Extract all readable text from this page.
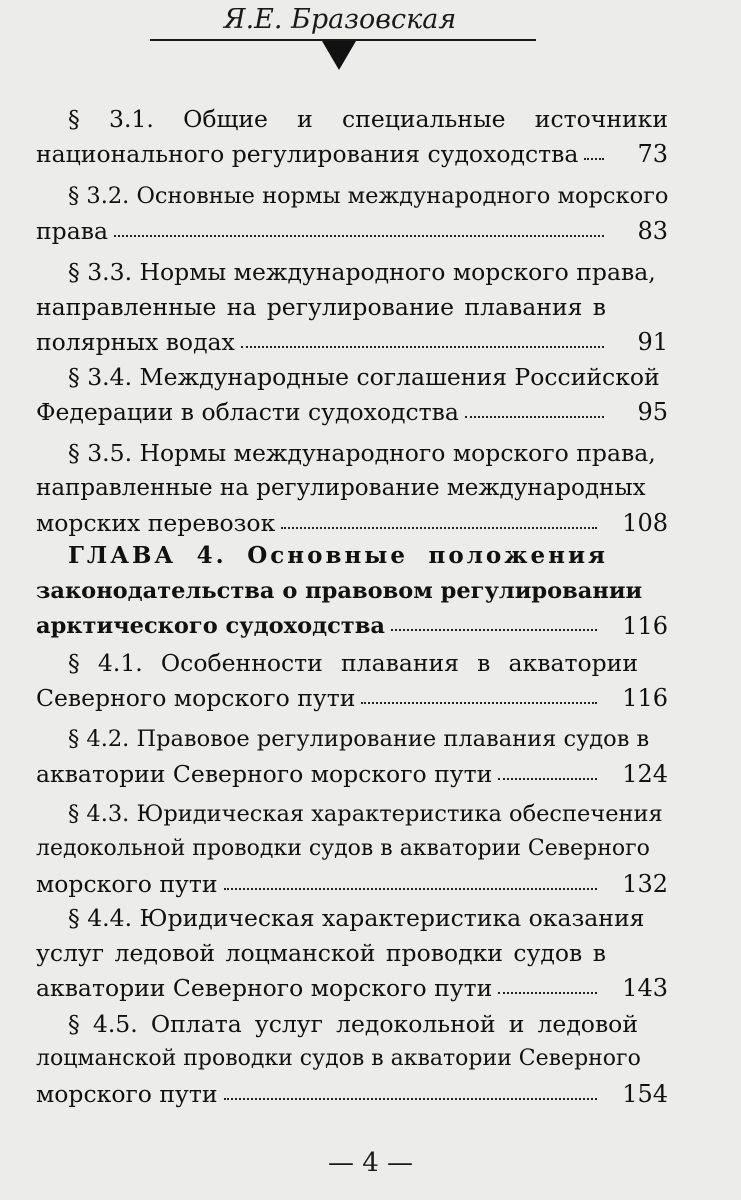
Я.Е. Бразовская
§ 3.1. Общие и специальные источники
национального регулирования судоходства 73
§ 3.2. Основные нормы международного морского
права	83
§ 3.3. Нормы международного морского права,
направленные на регулирование плавания в
полярных водах	91
§ 3.4. Международные соглашения Российской
Федерации в области судоходства	95
§ 3.5. Нормы международного морского права,
направленные на регулирование международных
морских перевозок	108
ГЛАВА 4. Основные положения
законодательства о правовом регулировании
арктического судоходства	116
§ 4.1. Особенности плавания в акватории
Северного морского пути	116
§ 4.2. Правовое регулирование плавания судов в
акватории Северного морского пути	124
§ 4.3. Юридическая характеристика обеспечения
ледокольной проводки судов в акватории Северного
морского пути	132
§ 4.4. Юридическая характеристика оказания
услуг ледовой лоцманской проводки судов в
акватории Северного морского пути	143
§ 4.5. Оплата услуг ледокольной и ледовой
лоцманской проводки судов в акватории Северного
морского пути	154
— 4 —
